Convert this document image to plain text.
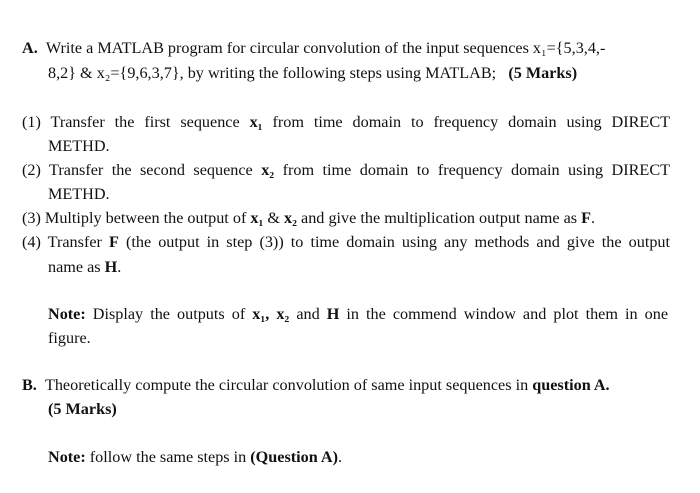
A. Write a MATLAB program for circular convolution of the input sequences x₁={5,3,4,-
8,2} & x₂={9,6,3,7}, by writing the following steps using MATLAB; (5 Marks)
(1) Transfer the first sequence x₁ from time domain to frequency domain using DIRECT
METHD.
(2) Transfer the second sequence x₂ from time domain to frequency domain using DIRECT
METHD.
(3) Multiply between the output of x₁ & x₂ and give the multiplication output name as F.
(4) Transfer F (the output in step (3)) to time domain using any methods and give the output
name as H.
Note: Display the outputs of x₁, x₂ and H in the commend window and plot them in one
figure.
B. Theoretically compute the circular convolution of same input sequences in question A.
(5 Marks)
Note: follow the same steps in (Question A).
